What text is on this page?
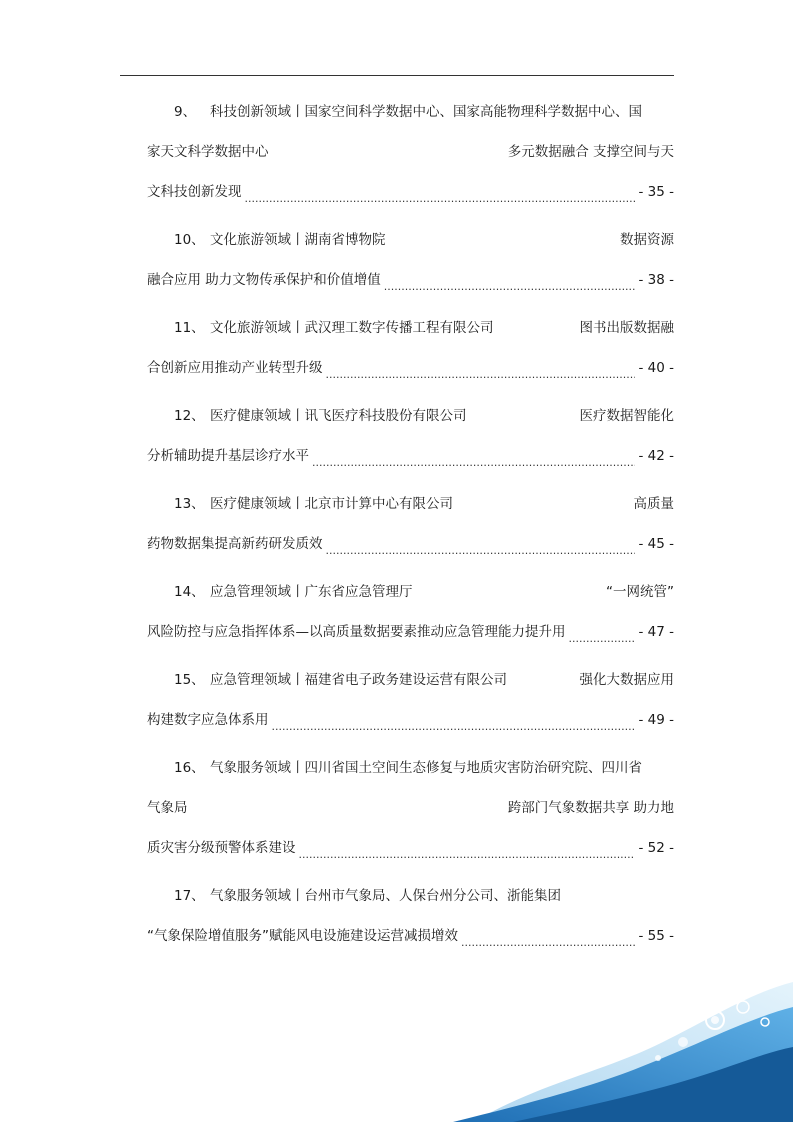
9、	科技创新领域丨国家空间科学数据中心、国家高能物理科学数据中心、国
家天文科学数据中心	多元数据融合 支撑空间与天
文科技创新发现 .....	- 35 -
10、 文化旅游领域丨湖南省博物院	数据资源
融合应用 助力文物传承保护和价值增值 .....	- 38 -
11、 文化旅游领域丨武汉理工数字传播工程有限公司	图书出版数据融
合创新应用推动产业转型升级 .....	- 40 -
12、 医疗健康领域丨讯飞医疗科技股份有限公司	医疗数据智能化
分析辅助提升基层诊疗水平 .....	- 42 -
13、 医疗健康领域丨北京市计算中心有限公司	高质量
药物数据集提高新药研发质效 .....	- 45 -
14、 应急管理领域丨广东省应急管理厅	“一网统管”
风险防控与应急指挥体系—以高质量数据要素推动应急管理能力提升用 .....	- 47 -
15、 应急管理领域丨福建省电子政务建设运营有限公司	强化大数据应用
构建数字应急体系用 .....	- 49 -
16、 气象服务领域丨四川省国土空间生态修复与地质灾害防治研究院、四川省
气象局	跨部门气象数据共享 助力地
质灾害分级预警体系建设 .....	- 52 -
17、 气象服务领域丨台州市气象局、人保台州分公司、浙能集团
“气象保险增值服务”赋能风电设施建设运营减损增效 .....	- 55 -
